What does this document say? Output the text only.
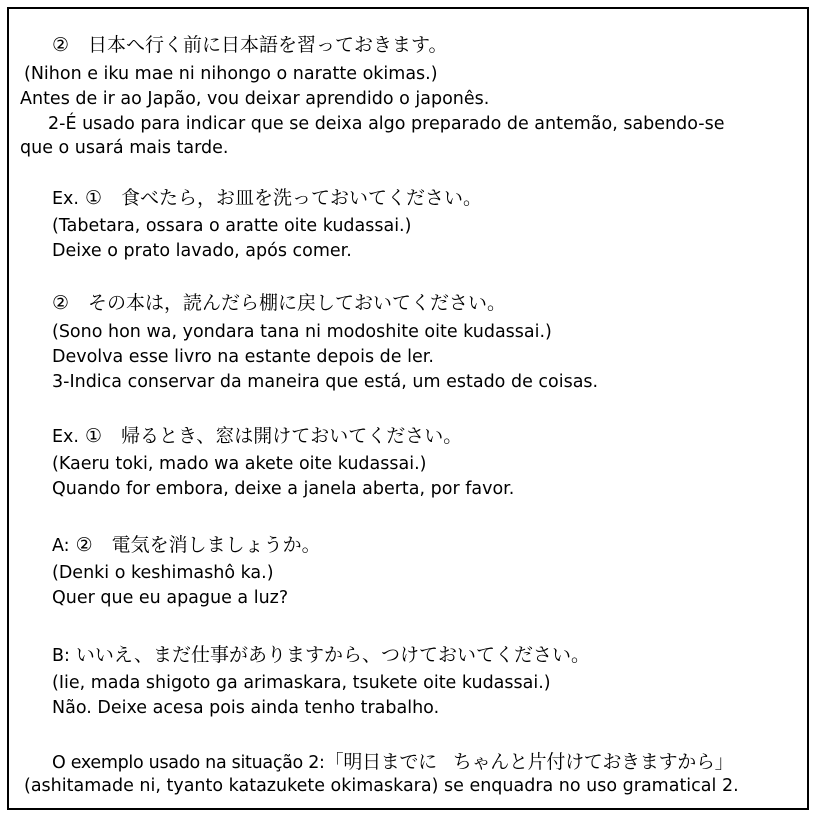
②　日本へ行く前に日本語を習っておきます。
(Nihon e iku mae ni nihongo o naratte okimas.)
Antes de ir ao Japão, vou deixar aprendido o japonês.
2-É usado para indicar que se deixa algo preparado de antemão, sabendo-se
que o usará mais tarde.
Ex. ①　食べたら，お皿を洗っておいてください。
(Tabetara, ossara o aratte oite kudassai.)
Deixe o prato lavado, após comer.
②　その本は，読んだら棚に戻しておいてください。
(Sono hon wa, yondara tana ni modoshite oite kudassai.)
Devolva esse livro na estante depois de ler.
3-Indica conservar da maneira que está, um estado de coisas.
Ex. ①　帰るとき、窓は開けておいてください。
(Kaeru toki, mado wa akete oite kudassai.)
Quando for embora, deixe a janela aberta, por favor.
A: ②　電気を消しましょうか。
(Denki o keshimashô ka.)
Quer que eu apague a luz?
B: いいえ、まだ仕事がありますから、つけておいてください。
(Iie, mada shigoto ga arimaskara, tsukete oite kudassai.)
Não. Deixe acesa pois ainda tenho trabalho.
O exemplo usado na situação 2:「明日までに ちゃんと片付けておきますから」
(ashitamade ni, tyanto katazukete okimaskara) se enquadra no uso gramatical 2.
